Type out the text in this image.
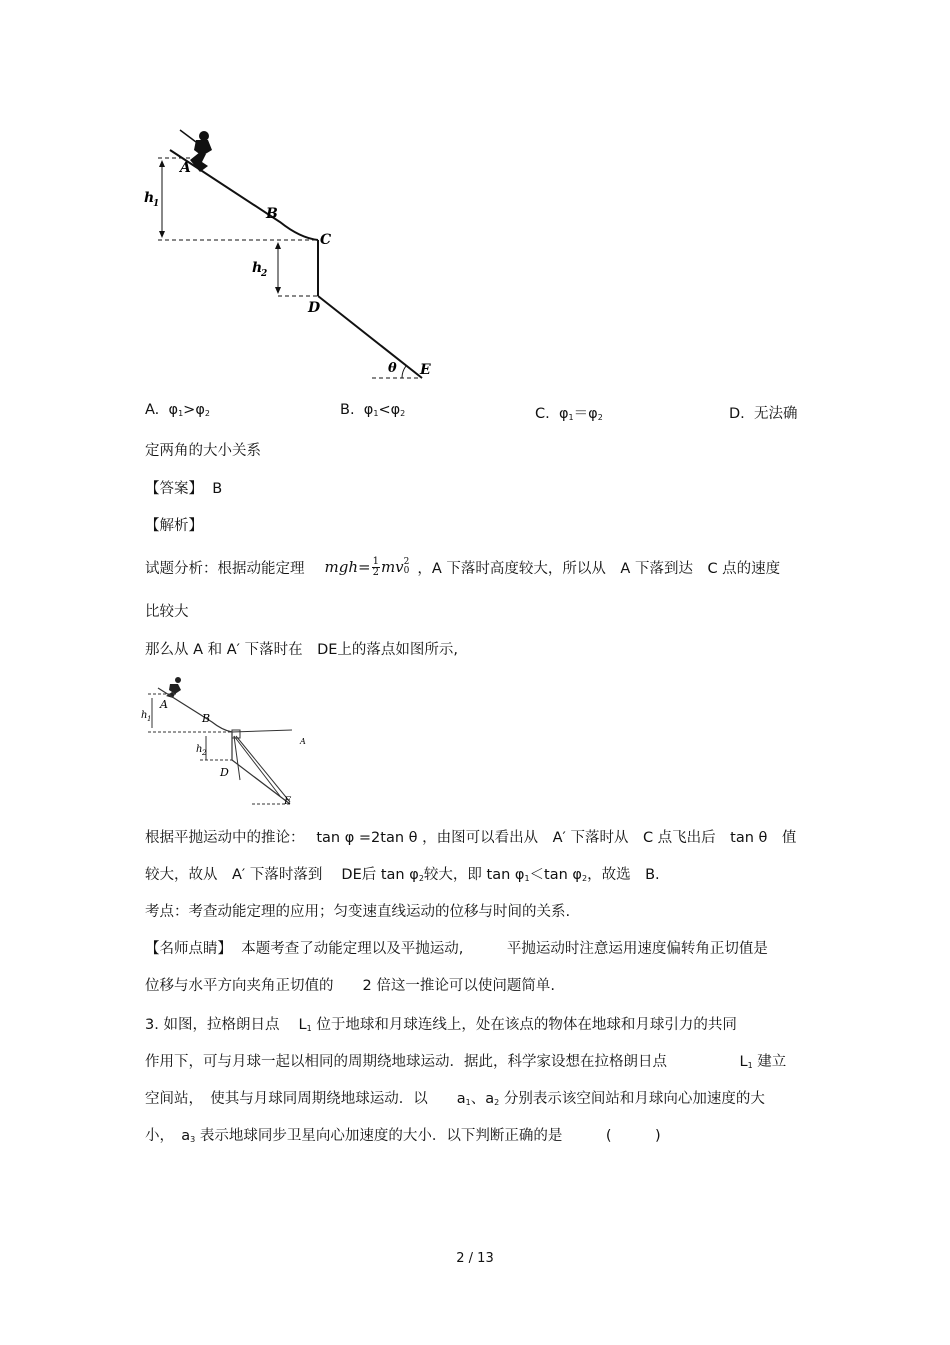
A
B
C
D
E
θ
h
1
h
2
A. $\varphi_1>\varphi_2$	B. $\varphi_1<\varphi_2$	C. $\varphi_1=\varphi_2$	D. 无法确
定两角的大小关系
【答案】 B
【解析】
试题分析：根据动能定理 mgh = $\frac{1}{2}$ mv 2
0 ，A 下落时高度较大，所以从　A 下落到达　C 点的速度
比较大
那么从 A 和 A′ 下落时在　DE上的落点如图所示,
A
B
D
E
A
h 1
h 2
根据平抛运动中的推论：　 tan φ =2tan θ ，由图可以看出从　A′ 下落时从　C 点飞出后　tan θ　值
较大，故从　A′ 下落时落到　 DE后 $\tan \varphi_2$较大，即 $\tan \varphi_1<\tan$ $\varphi_2$，故选　B.
考点：考查动能定理的应用；匀变速直线运动的位移与时间的关系.
【名师点睛】 本题考查了动能定理以及平抛运动,　　　平抛运动时注意运用速度偏转角正切值是
位移与水平方向夹角正切值的　　2 倍这一推论可以使问题简单.
3. 如图，拉格朗日点　 $L_1$ 位于地球和月球连线上，处在该点的物体在地球和月球引力的共同
作用下，可与月球一起以相同的周期绕地球运动．据此，科学家设想在拉格朗日点　　　　　$L_1$ 建立
空间站，　使其与月球同周期绕地球运动．以　　$a_1$、$a_2$ 分别表示该空间站和月球向心加速度的大
小，　$a_3$ 表示地球同步卫星向心加速度的大小．以下判断正确的是　　　(　　　)
2 / 13
